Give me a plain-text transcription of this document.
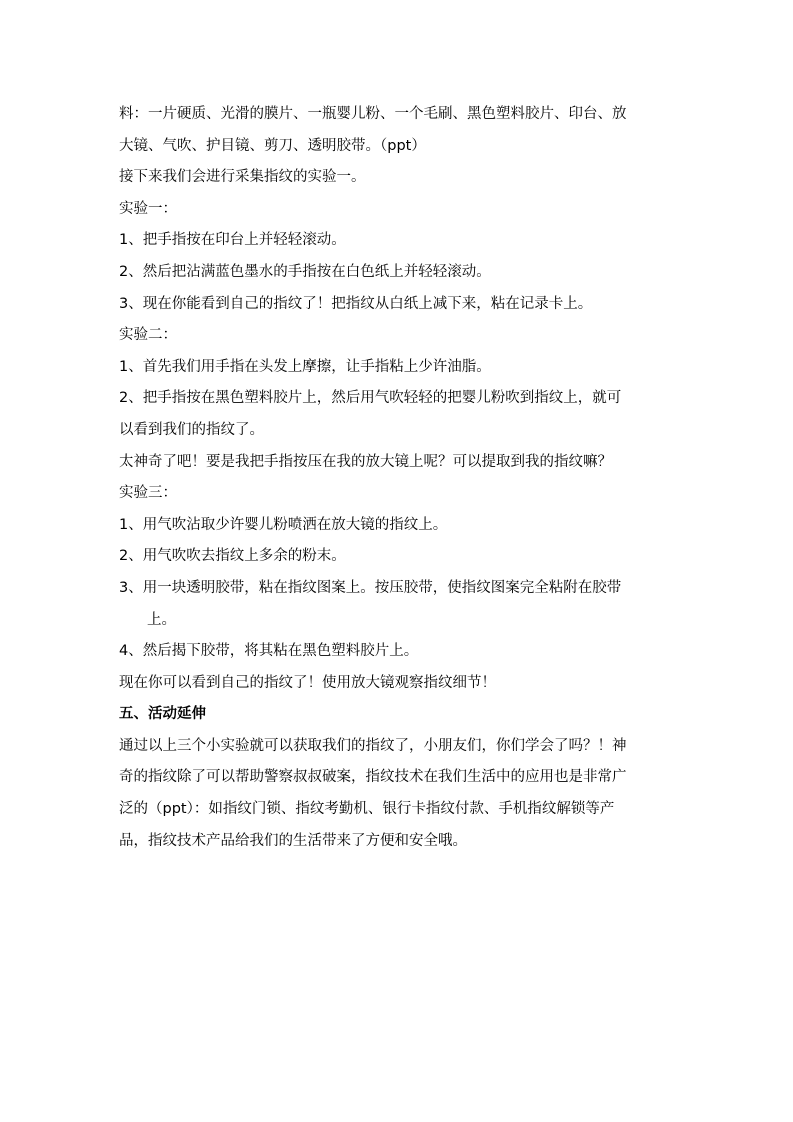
料：一片硬质、光滑的膜片、一瓶婴儿粉、一个毛刷、黑色塑料胶片、印台、放
大镜、气吹、护目镜、剪刀、透明胶带。（ppt）
接下来我们会进行采集指纹的实验一。
实验一：
1、把手指按在印台上并轻轻滚动。
2、然后把沾满蓝色墨水的手指按在白色纸上并轻轻滚动。
3、现在你能看到自己的指纹了！把指纹从白纸上减下来，粘在记录卡上。
实验二：
1、首先我们用手指在头发上摩擦，让手指粘上少许油脂。
2、把手指按在黑色塑料胶片上，然后用气吹轻轻的把婴儿粉吹到指纹上，就可
以看到我们的指纹了。
太神奇了吧！要是我把手指按压在我的放大镜上呢？可以提取到我的指纹嘛？
实验三：
1、用气吹沾取少许婴儿粉喷洒在放大镜的指纹上。
2、用气吹吹去指纹上多余的粉末。
3、用一块透明胶带，粘在指纹图案上。按压胶带，使指纹图案完全粘附在胶带
上。
4、然后揭下胶带，将其粘在黑色塑料胶片上。
现在你可以看到自己的指纹了！使用放大镜观察指纹细节！
五、活动延伸
通过以上三个小实验就可以获取我们的指纹了，小朋友们，你们学会了吗？！神
奇的指纹除了可以帮助警察叔叔破案，指纹技术在我们生活中的应用也是非常广
泛的（ppt）：如指纹门锁、指纹考勤机、银行卡指纹付款、手机指纹解锁等产
品，指纹技术产品给我们的生活带来了方便和安全哦。
